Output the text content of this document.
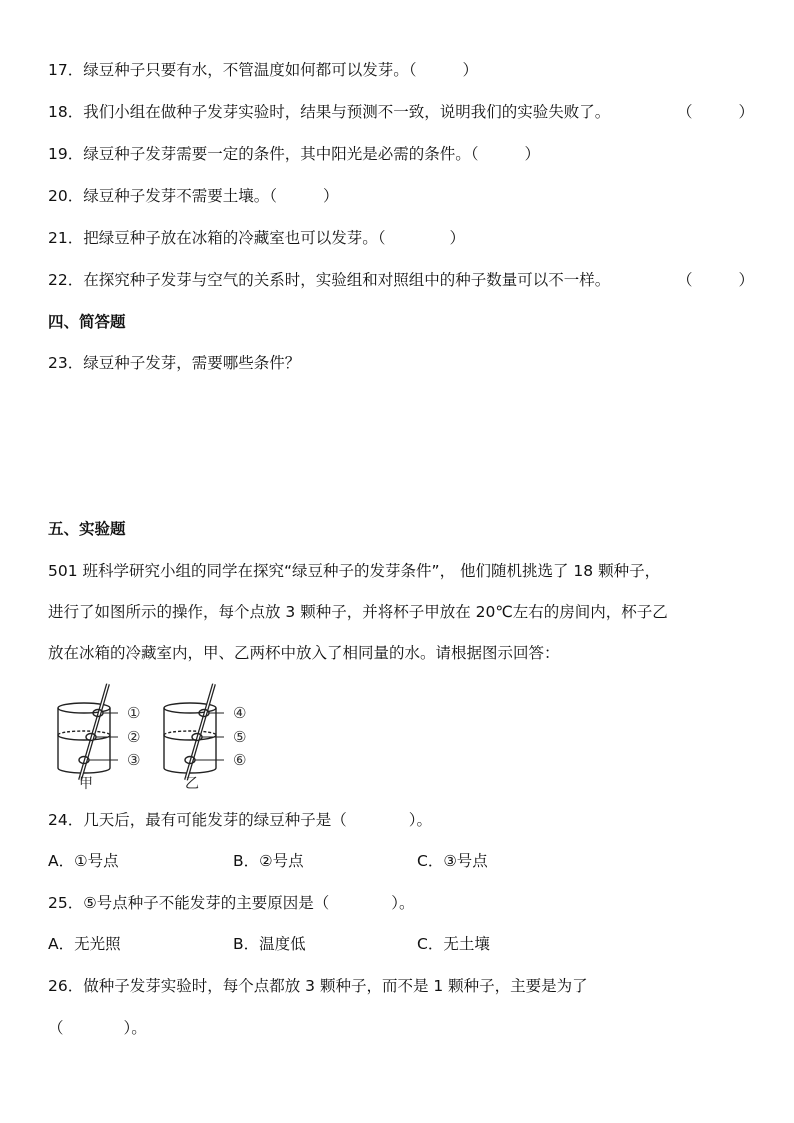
17．绿豆种子只要有水，不管温度如何都可以发芽。（	）
18．我们小组在做种子发芽实验时，结果与预测不一致，说明我们的实验失败了。	（	）
19．绿豆种子发芽需要一定的条件，其中阳光是必需的条件。（	）
20．绿豆种子发芽不需要土壤。（	）
21．把绿豆种子放在冰箱的冷藏室也可以发芽。（	）
22．在探究种子发芽与空气的关系时，实验组和对照组中的种子数量可以不一样。	（	）
四、简答题
23．绿豆种子发芽，需要哪些条件？
五、实验题
501 班科学研究小组的同学在探究“绿豆种子的发芽条件”， 他们随机挑选了 18 颗种子，
进行了如图所示的操作，每个点放 3 颗种子，并将杯子甲放在 20℃左右的房间内，杯子乙
放在冰箱的冷藏室内，甲、乙两杯中放入了相同量的水。请根据图示回答：
①
②
③
甲
④
⑤
⑥
乙
24．几天后，最有可能发芽的绿豆种子是（	）。
A．①号点	B．②号点	C．③号点
25．⑤号点种子不能发芽的主要原因是（	）。
A．无光照	B．温度低	C．无土壤
26．做种子发芽实验时，每个点都放 3 颗种子，而不是 1 颗种子，主要是为了
（	）。
